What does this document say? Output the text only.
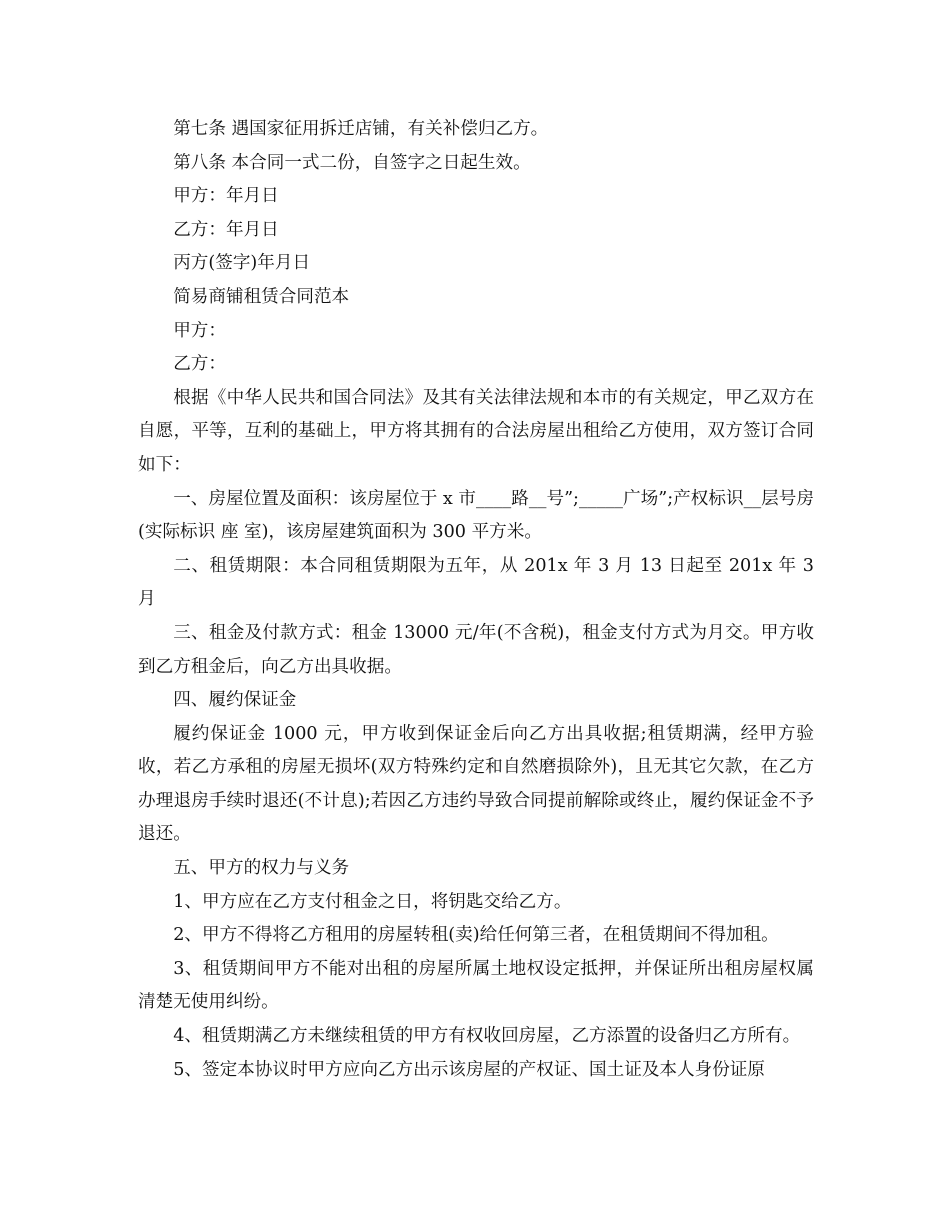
第七条 遇国家征用拆迁店铺，有关补偿归乙方。

第八条 本合同一式二份，自签字之日起生效。

甲方：年月日

乙方：年月日

丙方(签字)年月日

简易商铺租赁合同范本

甲方：

乙方：

根据《中华人民共和国合同法》及其有关法律法规和本市的有关规定，甲乙双方在自愿，平等，互利的基础上，甲方将其拥有的合法房屋出租给乙方使用，双方签订合同如下：

一、房屋位置及面积：该房屋位于 x 市____路__号”;_____广场”;产权标识__层号房(实际标识 座 室)，该房屋建筑面积为 300 平方米。

二、租赁期限：本合同租赁期限为五年，从 201x 年 3 月 13 日起至 201x 年 3 月

三、租金及付款方式：租金 13000 元/年(不含税)，租金支付方式为月交。甲方收到乙方租金后，向乙方出具收据。

四、履约保证金

履约保证金 1000 元，甲方收到保证金后向乙方出具收据;租赁期满，经甲方验收，若乙方承租的房屋无损坏(双方特殊约定和自然磨损除外)，且无其它欠款，在乙方办理退房手续时退还(不计息);若因乙方违约导致合同提前解除或终止，履约保证金不予退还。

五、甲方的权力与义务

1、甲方应在乙方支付租金之日，将钥匙交给乙方。

2、甲方不得将乙方租用的房屋转租(卖)给任何第三者，在租赁期间不得加租。

3、租赁期间甲方不能对出租的房屋所属土地权设定抵押，并保证所出租房屋权属清楚无使用纠纷。

4、租赁期满乙方未继续租赁的甲方有权收回房屋，乙方添置的设备归乙方所有。

5、签定本协议时甲方应向乙方出示该房屋的产权证、国土证及本人身份证原
